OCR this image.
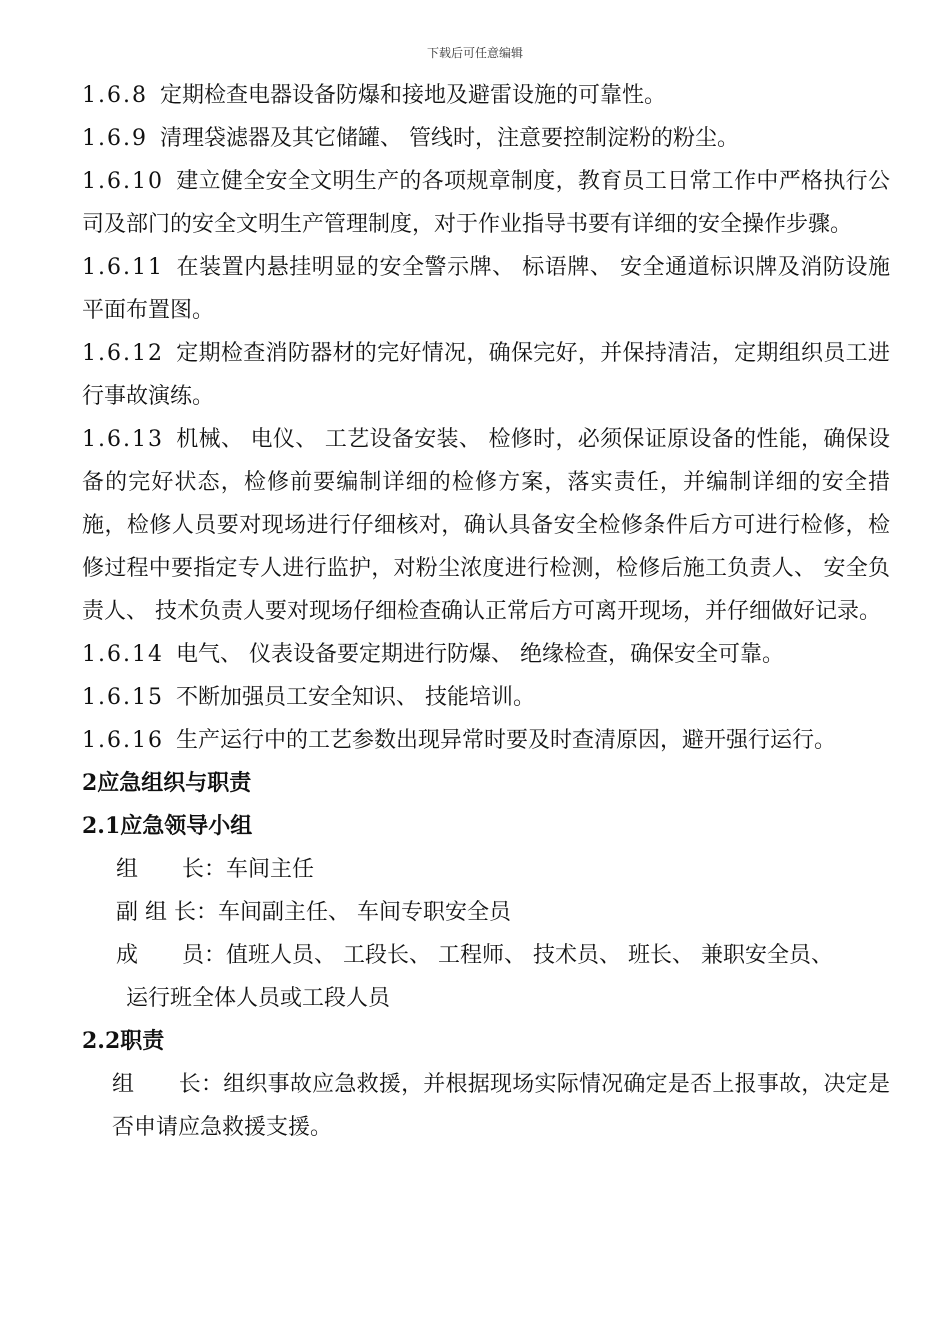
下载后可任意编辑

1.6.8 定期检查电器设备防爆和接地及避雷设施的可靠性。

1.6.9 清理袋滤器及其它储罐、 管线时，注意要控制淀粉的粉尘。

1.6.10 建立健全安全文明生产的各项规章制度，教育员工日常工作中严格执行公司及部门的安全文明生产管理制度，对于作业指导书要有详细的安全操作步骤。

1.6.11 在装置内悬挂明显的安全警示牌、 标语牌、 安全通道标识牌及消防设施平面布置图。

1.6.12 定期检查消防器材的完好情况，确保完好，并保持清洁，定期组织员工进行事故演练。

1.6.13 机械、 电仪、 工艺设备安装、 检修时，必须保证原设备的性能，确保设备的完好状态，检修前要编制详细的检修方案，落实责任，并编制详细的安全措施，检修人员要对现场进行仔细核对，确认具备安全检修条件后方可进行检修，检修过程中要指定专人进行监护，对粉尘浓度进行检测，检修后施工负责人、 安全负责人、 技术负责人要对现场仔细检查确认正常后方可离开现场，并仔细做好记录。

1.6.14 电气、 仪表设备要定期进行防爆、 绝缘检查，确保安全可靠。

1.6.15 不断加强员工安全知识、 技能培训。

1.6.16 生产运行中的工艺参数出现异常时要及时查清原因，避开强行运行。

2应急组织与职责

2.1应急领导小组

组　　长：车间主任
副 组 长：车间副主任、 车间专职安全员
成　　员：值班人员、 工段长、 工程师、 技术员、 班长、 兼职安全员、
运行班全体人员或工段人员

2.2职责

组　　长：组织事故应急救援，并根据现场实际情况确定是否上报事故，决定是否申请应急救援支援。
